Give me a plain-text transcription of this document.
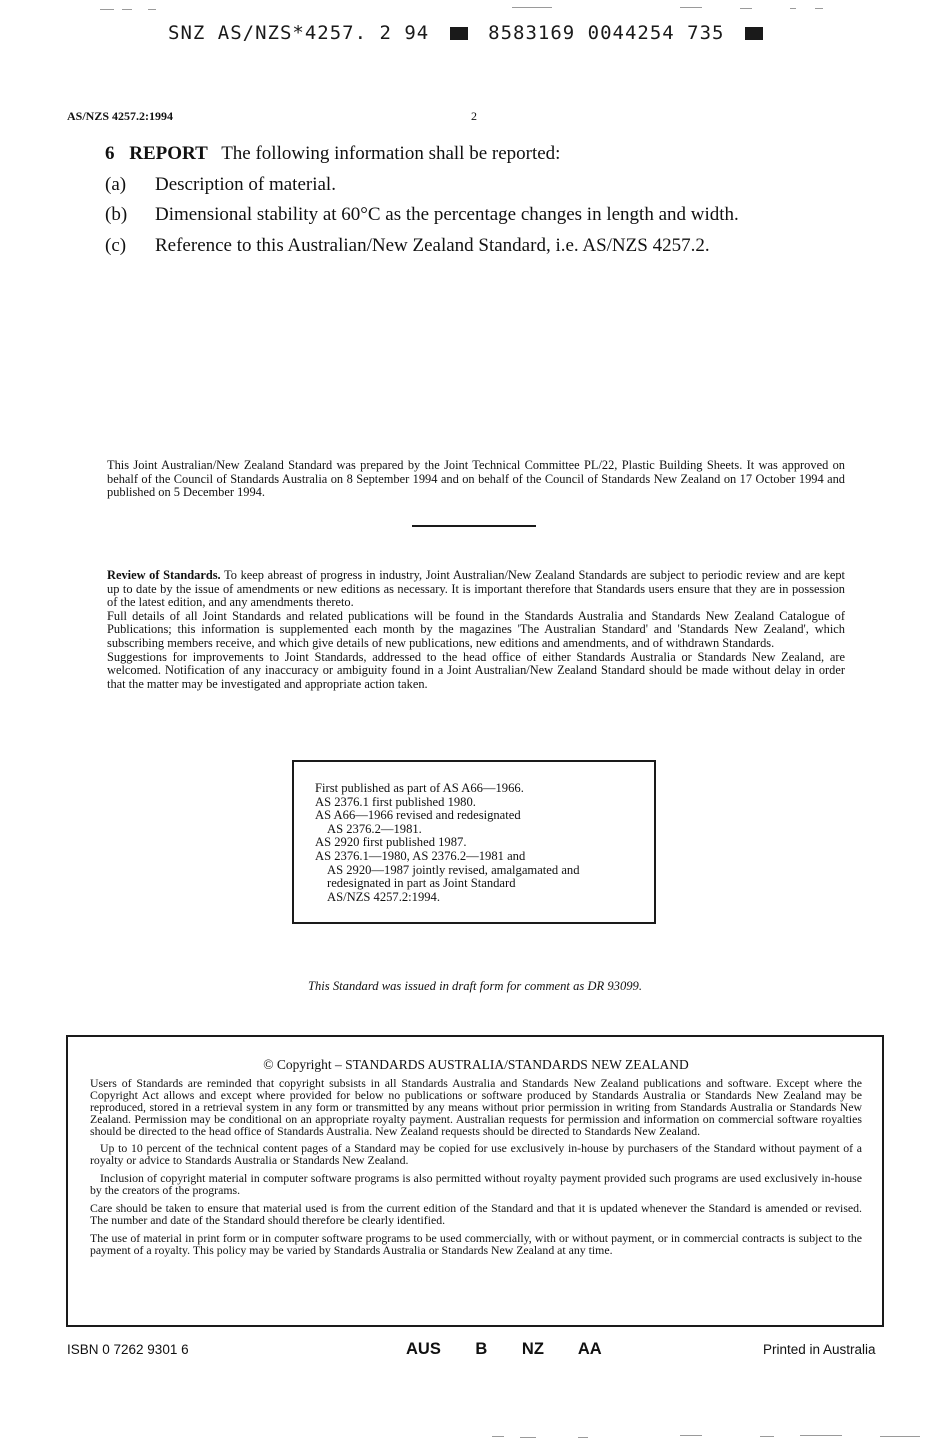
SNZ AS/NZS*4257. 2 94	8583169 0044254 735
AS/NZS 4257.2:1994	2
6 REPORT The following information shall be reported:
(a) Description of material.
(b) Dimensional stability at 60°C as the percentage changes in length and width.
(c) Reference to this Australian/New Zealand Standard, i.e. AS/NZS 4257.2.

This Joint Australian/New Zealand Standard was prepared by the Joint Technical Committee PL/22, Plastic Building Sheets. It was approved on behalf of the Council of Standards Australia on 8 September 1994 and on behalf of the Council of Standards New Zealand on 17 October 1994 and published on 5 December 1994.

Review of Standards. To keep abreast of progress in industry, Joint Australian/New Zealand Standards are subject to periodic review and are kept up to date by the issue of amendments or new editions as necessary. It is important therefore that Standards users ensure that they are in possession of the latest edition, and any amendments thereto.

Full details of all Joint Standards and related publications will be found in the Standards Australia and Standards New Zealand Catalogue of Publications; this information is supplemented each month by the magazines 'The Australian Standard' and 'Standards New Zealand', which subscribing members receive, and which give details of new publications, new editions and amendments, and of withdrawn Standards.

Suggestions for improvements to Joint Standards, addressed to the head office of either Standards Australia or Standards New Zealand, are welcomed. Notification of any inaccuracy or ambiguity found in a Joint Australian/New Zealand Standard should be made without delay in order that the matter may be investigated and appropriate action taken.

First published as part of AS A66—1966.
AS 2376.1 first published 1980.
AS A66—1966 revised and redesignated
AS 2376.2—1981.
AS 2920 first published 1987.
AS 2376.1—1980, AS 2376.2—1981 and
AS 2920—1987 jointly revised, amalgamated and
redesignated in part as Joint Standard
AS/NZS 4257.2:1994.
This Standard was issued in draft form for comment as DR 93099.
© Copyright – STANDARDS AUSTRALIA/STANDARDS NEW ZEALAND

Users of Standards are reminded that copyright subsists in all Standards Australia and Standards New Zealand publications and software. Except where the Copyright Act allows and except where provided for below no publications or software produced by Standards Australia or Standards New Zealand may be reproduced, stored in a retrieval system in any form or transmitted by any means without prior permission in writing from Standards Australia or Standards New Zealand. Permission may be conditional on an appropriate royalty payment. Australian requests for permission and information on commercial software royalties should be directed to the head office of Standards Australia. New Zealand requests should be directed to Standards New Zealand.

Up to 10 percent of the technical content pages of a Standard may be copied for use exclusively in-house by purchasers of the Standard without payment of a royalty or advice to Standards Australia or Standards New Zealand.

Inclusion of copyright material in computer software programs is also permitted without royalty payment provided such programs are used exclusively in-house by the creators of the programs.

Care should be taken to ensure that material used is from the current edition of the Standard and that it is updated whenever the Standard is amended or revised. The number and date of the Standard should therefore be clearly identified.

The use of material in print form or in computer software programs to be used commercially, with or without payment, or in commercial contracts is subject to the payment of a royalty. This policy may be varied by Standards Australia or Standards New Zealand at any time.

ISBN 0 7262 9301 6	AUS B NZ AA	Printed in Australia
